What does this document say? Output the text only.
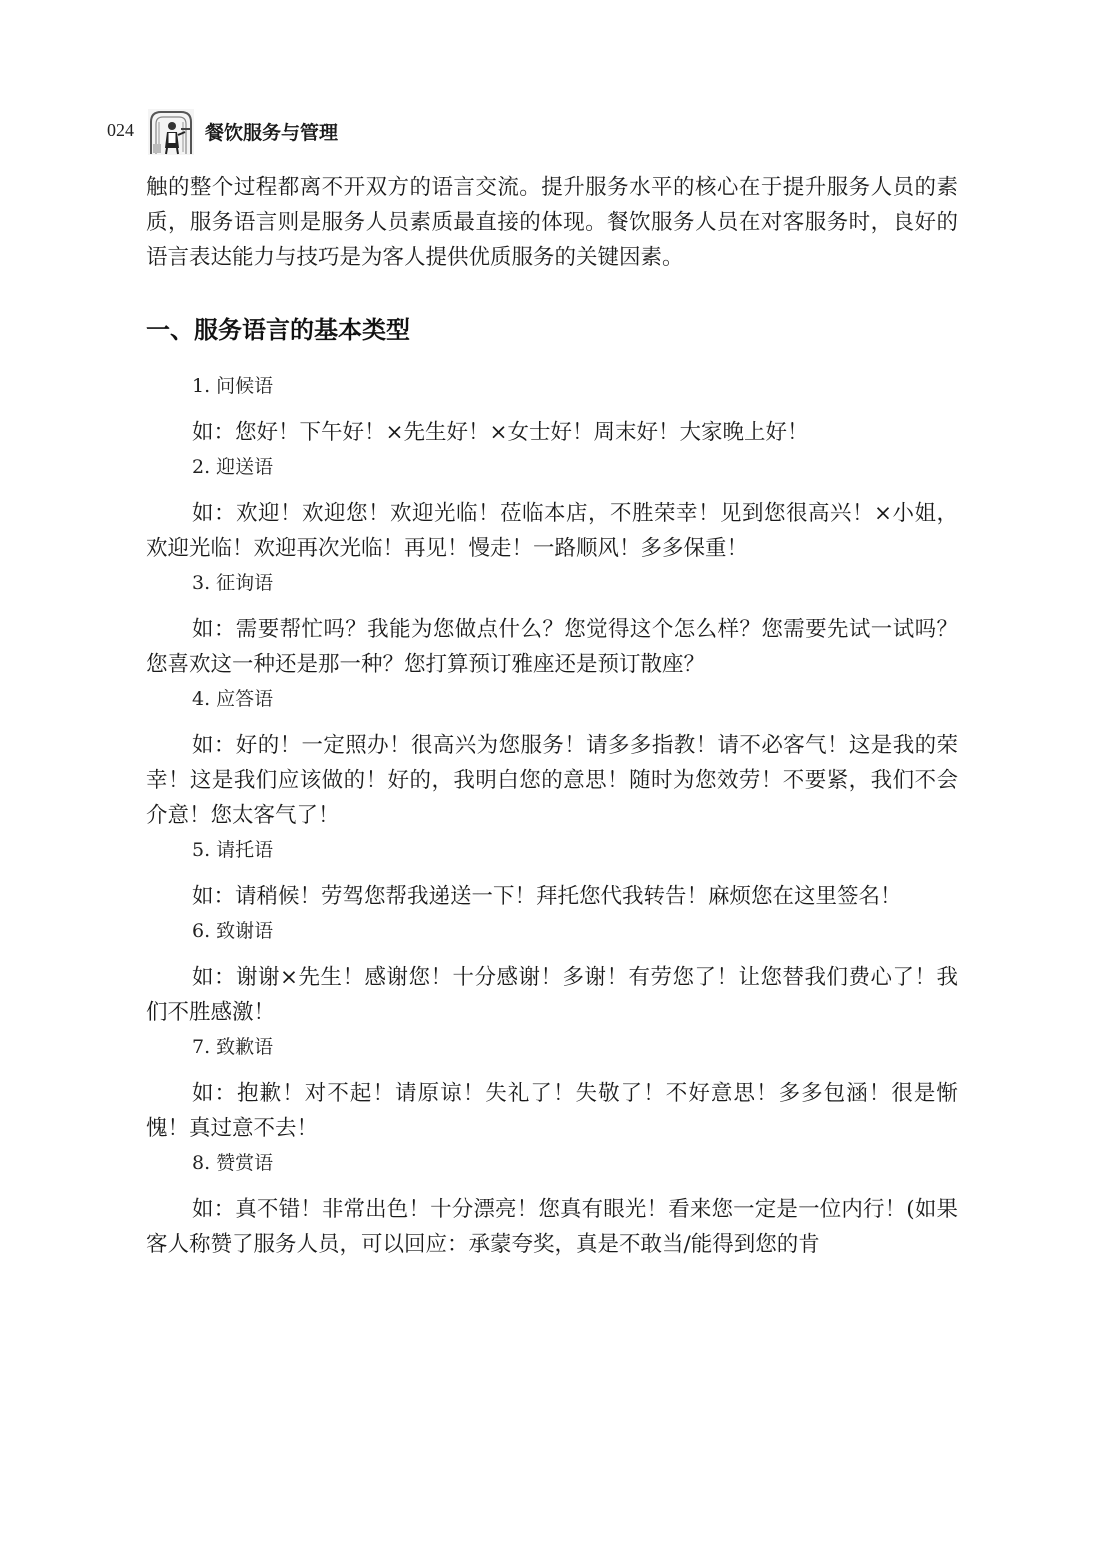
024	餐饮服务与管理

触的整个过程都离不开双方的语言交流。提升服务水平的核心在于提升服务人员的素质，服务语言则是服务人员素质最直接的体现。餐饮服务人员在对客服务时，良好的语言表达能力与技巧是为客人提供优质服务的关键因素。

一、服务语言的基本类型
1. 问候语

如：您好！下午好！×先生好！×女士好！周末好！大家晚上好！

2. 迎送语

如：欢迎！欢迎您！欢迎光临！莅临本店，不胜荣幸！见到您很高兴！×小姐，欢迎光临！欢迎再次光临！再见！慢走！一路顺风！多多保重！

3. 征询语

如：需要帮忙吗？我能为您做点什么？您觉得这个怎么样？您需要先试一试吗？您喜欢这一种还是那一种？您打算预订雅座还是预订散座？

4. 应答语

如：好的！一定照办！很高兴为您服务！请多多指教！请不必客气！这是我的荣幸！这是我们应该做的！好的，我明白您的意思！随时为您效劳！不要紧，我们不会介意！您太客气了！

5. 请托语

如：请稍候！劳驾您帮我递送一下！拜托您代我转告！麻烦您在这里签名！

6. 致谢语

如：谢谢×先生！感谢您！十分感谢！多谢！有劳您了！让您替我们费心了！我们不胜感激！

7. 致歉语

如：抱歉！对不起！请原谅！失礼了！失敬了！不好意思！多多包涵！很是惭愧！真过意不去！

8. 赞赏语

如：真不错！非常出色！十分漂亮！您真有眼光！看来您一定是一位内行！(如果客人称赞了服务人员，可以回应：承蒙夸奖，真是不敢当/能得到您的肯
